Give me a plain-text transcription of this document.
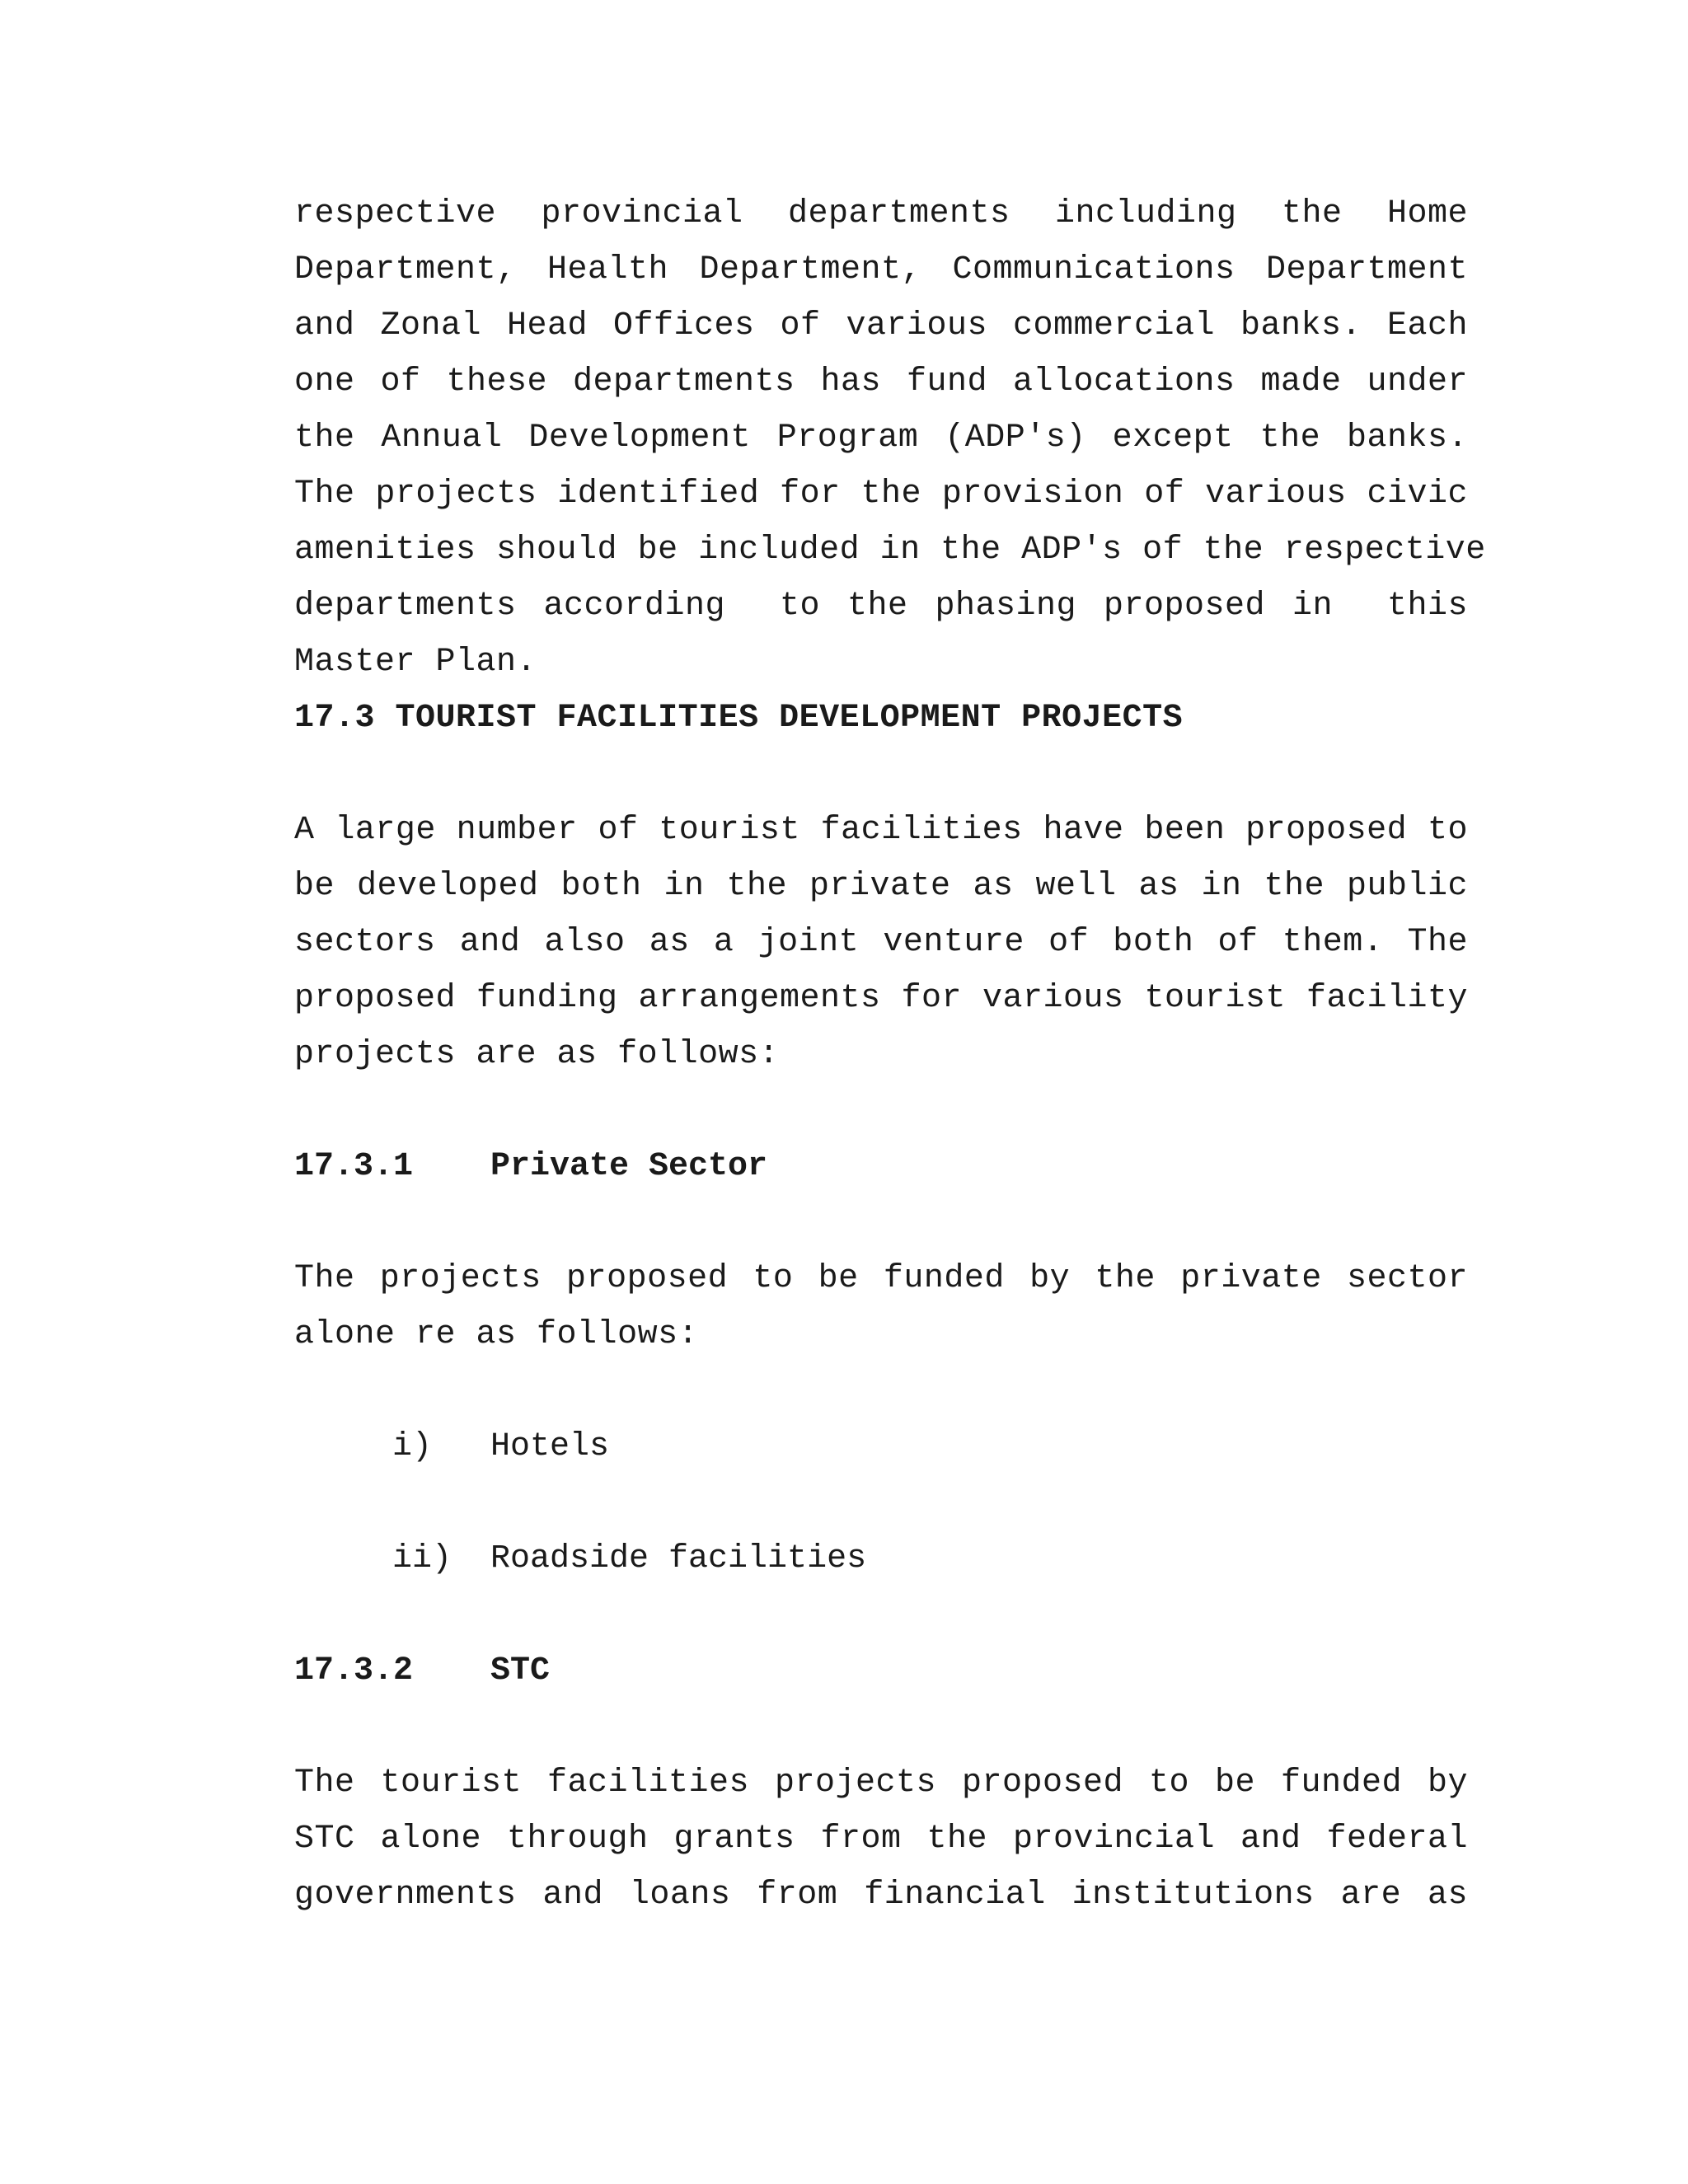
respective provincial departments including the Home
Department, Health Department, Communications Department
and Zonal Head Offices of various commercial banks. Each
one of these departments has fund allocations made under
the Annual Development Program (ADP's) except the banks.
The projects identified for the provision of various civic
amenities should be included in the ADP's of the respective
departments according  to the phasing proposed in  this
Master Plan.
17.3 TOURIST FACILITIES DEVELOPMENT PROJECTS
A large number of tourist facilities have been proposed to
be developed both in the private as well as in the public
sectors and also as a joint venture of both of them. The
proposed funding arrangements for various tourist facility
projects are as follows:
17.3.1 Private Sector
The projects proposed to be funded by the private sector
alone re as follows:
i) Hotels
ii) Roadside facilities
17.3.2 STC
The tourist facilities projects proposed to be funded by
STC alone through grants from the provincial and federal
governments and loans from financial institutions are as
